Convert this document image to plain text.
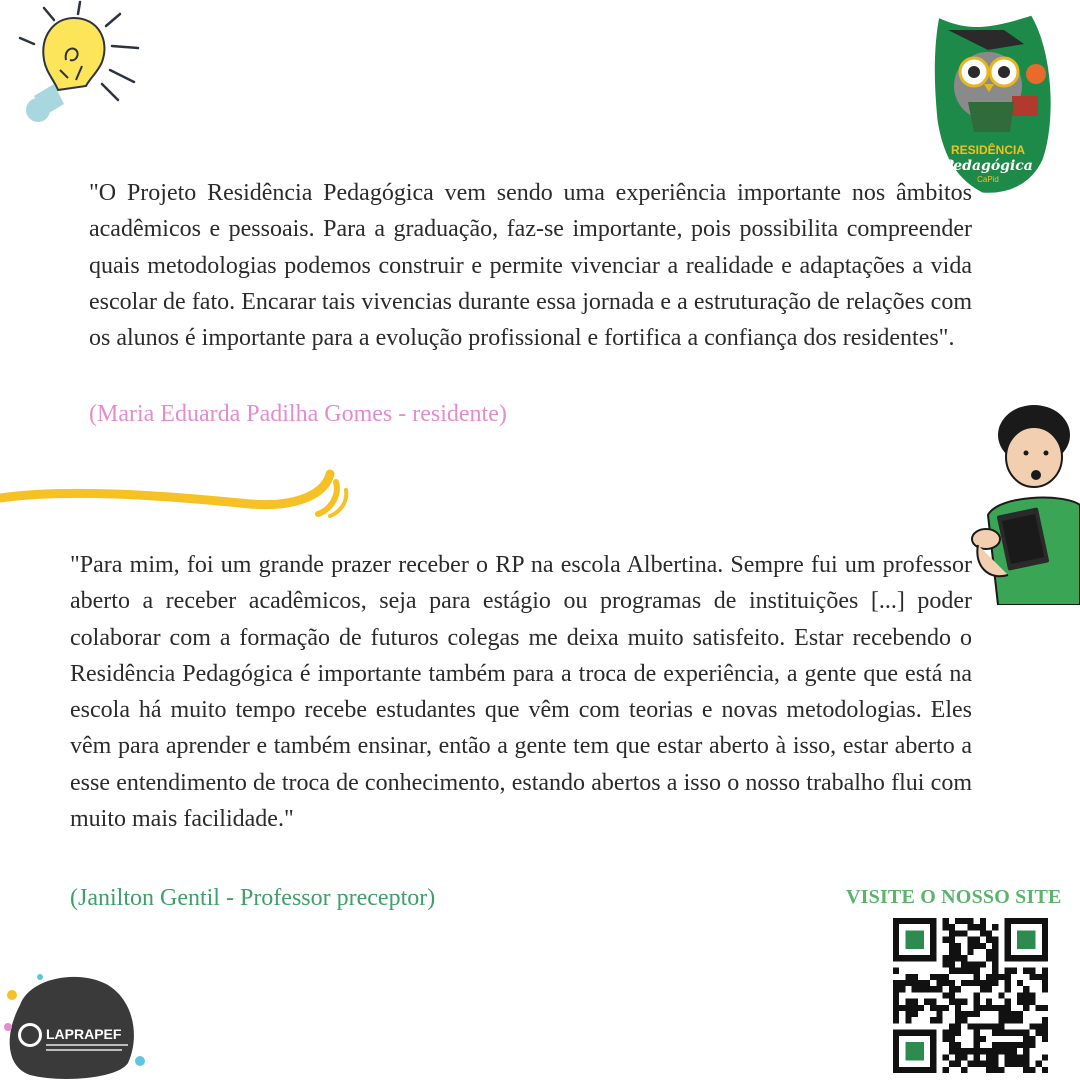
RESIDÊNCIA
Pedagógica
CaPid

"O Projeto Residência Pedagógica vem sendo uma experiência importante nos âmbitos acadêmicos e pessoais. Para a graduação, faz-se importante, pois possibilita compreender quais metodologias podemos construir e permite vivenciar a realidade e adaptações a vida escolar de fato. Encarar tais vivencias durante essa jornada e a estruturação de relações com os alunos é importante para a evolução profissional e fortifica a confiança dos residentes".

(Maria Eduarda Padilha Gomes - residente)

"Para mim, foi um grande prazer receber o RP na escola Albertina. Sempre fui um professor aberto a receber acadêmicos, seja para estágio ou programas de instituições [...] poder colaborar com a formação de futuros colegas me deixa muito satisfeito. Estar recebendo o Residência Pedagógica é importante também para a troca de experiência, a gente que está na escola há muito tempo recebe estudantes que vêm com teorias e novas metodologias. Eles vêm para aprender e também ensinar, então a gente tem que estar aberto à isso, estar aberto a esse entendimento de troca de conhecimento, estando abertos a isso o nosso trabalho flui com muito mais facilidade."

(Janilton Gentil - Professor preceptor)	VISITE O NOSSO SITE
LAPRAPEF
